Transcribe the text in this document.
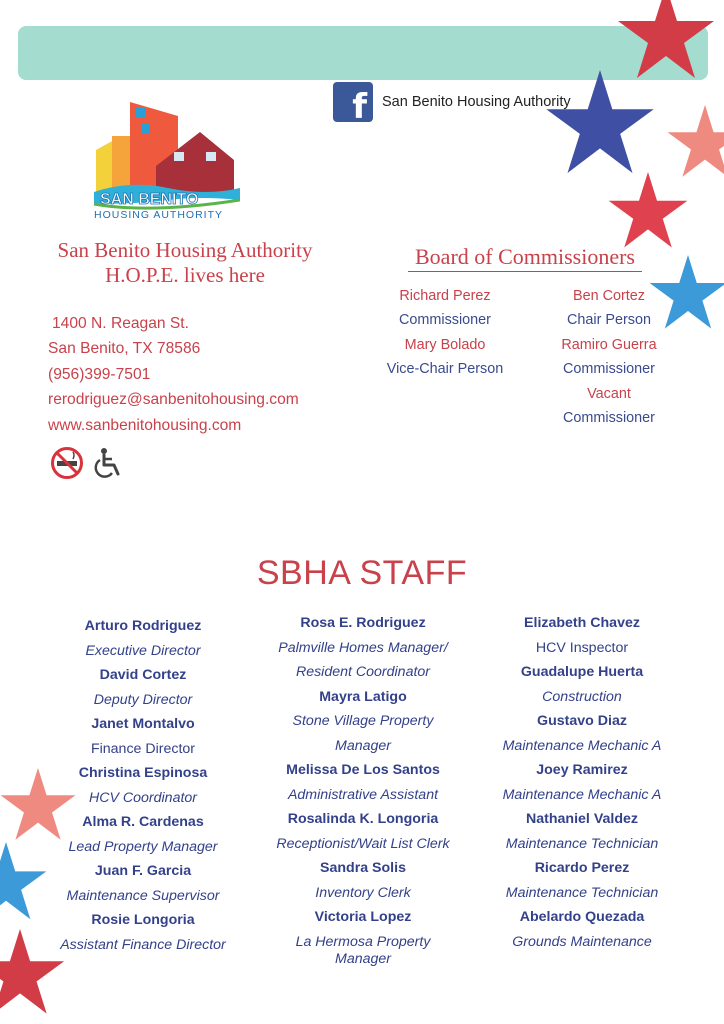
f San Benito Housing Authority
SAN BENITO
HOUSING AUTHORITY
San Benito Housing Authority
H.O.P.E. lives here
1400 N. Reagan St.
San Benito, TX 78586
(956)399-7501
rerodriguez@sanbenitohousing.com
www.sanbenitohousing.com
Board of Commissioners
Richard Perez
Commissioner
Mary Bolado
Vice-Chair Person
Ben Cortez
Chair Person
Ramiro Guerra
Commissioner
Vacant
Commissioner
SBHA STAFF
Arturo Rodriguez
Executive Director
David Cortez
Deputy Director
Janet Montalvo
Finance Director
Christina Espinosa
HCV Coordinator
Alma R. Cardenas
Lead Property Manager
Juan F. Garcia
Maintenance Supervisor
Rosie Longoria
Assistant Finance Director
Rosa E. Rodriguez
Palmville Homes Manager/
Resident Coordinator
Mayra Latigo
Stone Village Property
Manager
Melissa De Los Santos
Administrative Assistant
Rosalinda K. Longoria
Receptionist/Wait List Clerk
Sandra Solis
Inventory Clerk
Victoria Lopez
La Hermosa Property
Manager
Elizabeth Chavez
HCV Inspector
Guadalupe Huerta
Construction
Gustavo Diaz
Maintenance Mechanic A
Joey Ramirez
Maintenance Mechanic A
Nathaniel Valdez
Maintenance Technician
Ricardo Perez
Maintenance Technician
Abelardo Quezada
Grounds Maintenance
